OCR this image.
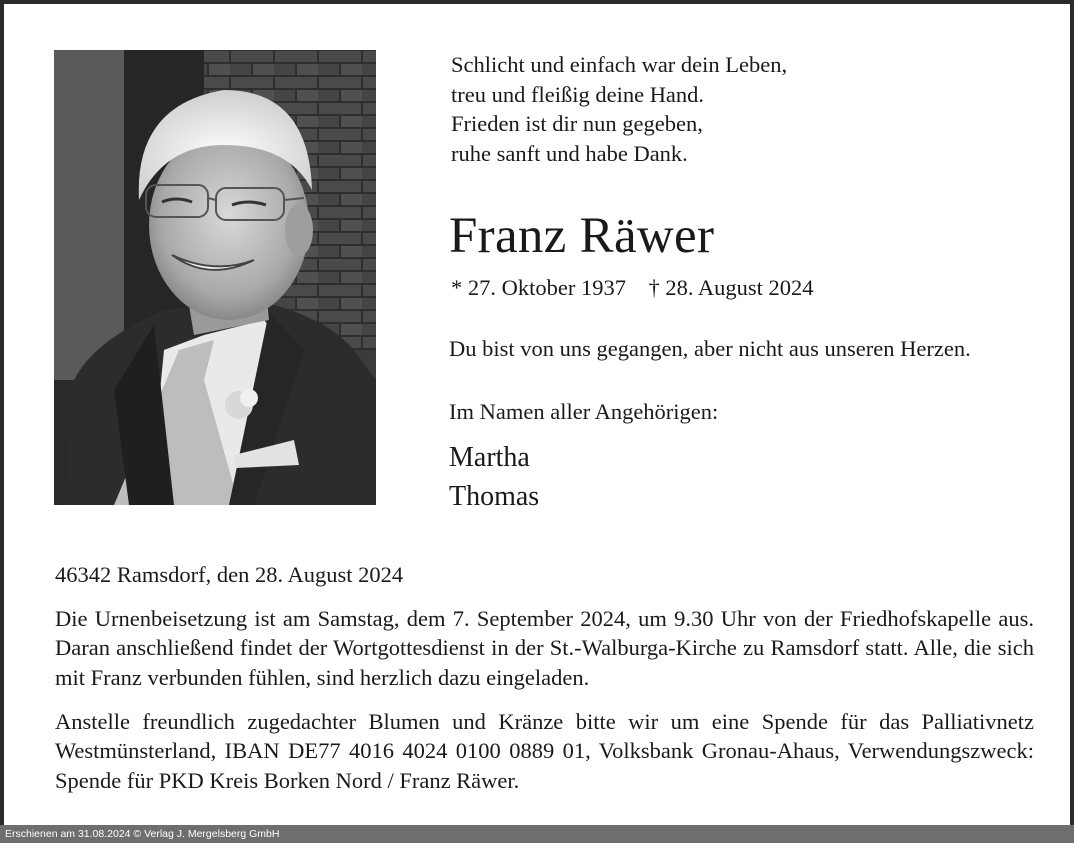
Schlicht und einfach war dein Leben,
treu und fleißig deine Hand.
Frieden ist dir nun gegeben,
ruhe sanft und habe Dank.
Franz Räwer
* 27. Oktober 1937    † 28. August 2024
Du bist von uns gegangen, aber nicht aus unseren Herzen.
Im Namen aller Angehörigen:
Martha
Thomas
46342 Ramsdorf, den 28. August 2024
Die Urnenbeisetzung ist am Samstag, dem 7. September 2024, um 9.30 Uhr von der Friedhofskapelle aus. Daran anschließend findet der Wortgottesdienst in der St.-Walburga-Kirche zu Ramsdorf statt. Alle, die sich mit Franz verbunden fühlen, sind herzlich dazu eingeladen.
Anstelle freundlich zugedachter Blumen und Kränze bitte wir um eine Spende für das Palliativnetz Westmünsterland, IBAN DE77 4016 4024 0100 0889 01, Volksbank Gronau-Ahaus, Verwendungszweck: Spende für PKD Kreis Borken Nord / Franz Räwer.
Erschienen am 31.08.2024 © Verlag J. Mergelsberg GmbH
